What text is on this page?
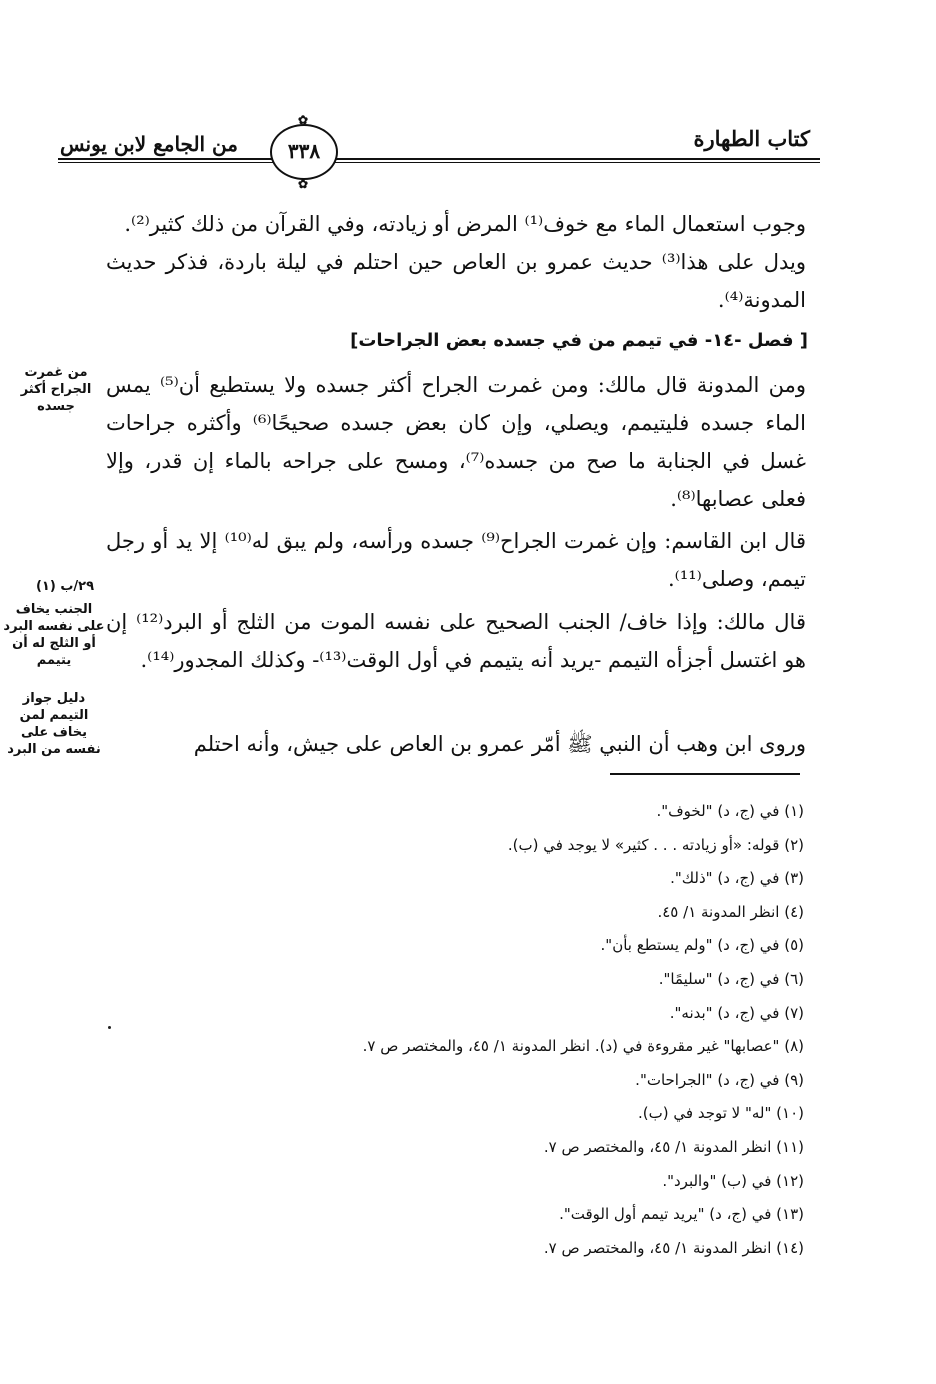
كتاب الطهارة
من الجامع لابن يونس
✿	٣٣٨ ✿
وجوب استعمال الماء مع خوف⁽¹⁾ المرض أو زيادته، وفي القرآن من ذلك كثير⁽²⁾.
ويدل على هذا⁽³⁾ حديث عمرو بن العاص حين احتلم في ليلة باردة، فذكر حديث المدونة⁽⁴⁾.
[ فصل -١٤- في تيمم من في جسده بعض الجراحات]
ومن المدونة قال مالك: ومن غمرت الجراح أكثر جسده ولا يستطيع أن⁽⁵⁾ يمس الماء جسده فليتيمم، ويصلي، وإن كان بعض جسده صحيحًا⁽⁶⁾ وأكثره جراحات غسل في الجنابة ما صح من جسده⁽⁷⁾، ومسح على جراحه بالماء إن قدر، وإلا فعلى عصابها⁽⁸⁾.
قال ابن القاسم: وإن غمرت الجراح⁽⁹⁾ جسده ورأسه، ولم يبق له⁽¹⁰⁾ إلا يد أو رجل تيمم، وصلى⁽¹¹⁾.
قال مالك: وإذا خاف/ الجنب الصحيح على نفسه الموت من الثلج أو البرد⁽¹²⁾ إن هو اغتسل أجزأه التيمم -يريد أنه يتيمم في أول الوقت⁽¹³⁾- وكذلك المجدور⁽¹⁴⁾.
وروى ابن وهب أن النبي ﷺ أمّر عمرو بن العاص على جيش، وأنه احتلم
من غمرت الجراح أكثر جسده
٢٩/ب (١)
الجنب يخاف على نفسه البرد أو الثلج له أن يتيمم
دليل جواز التيمم لمن يخاف على نفسه من البرد
(١) في (ج، د) "لخوف".
(٢) قوله: «أو زيادته . . . كثير» لا يوجد في (ب).
(٣) في (ج، د) "ذلك".
(٤) انظر المدونة ١/ ٤٥.
(٥) في (ج، د) "ولم يستطع بأن".
(٦) في (ج، د) "سليمًا".
(٧) في (ج، د) "بدنه".
(٨) "عصابها" غير مقروءة في (د). انظر المدونة ١/ ٤٥، والمختصر ص ٧.
(٩) في (ج، د) "الجراحات".
(١٠) "له" لا توجد في (ب).
(١١) انظر المدونة ١/ ٤٥، والمختصر ص ٧.
(١٢) في (ب) "والبرد".
(١٣) في (ج، د) "يريد تيمم أول الوقت".
(١٤) انظر المدونة ١/ ٤٥، والمختصر ص ٧.
